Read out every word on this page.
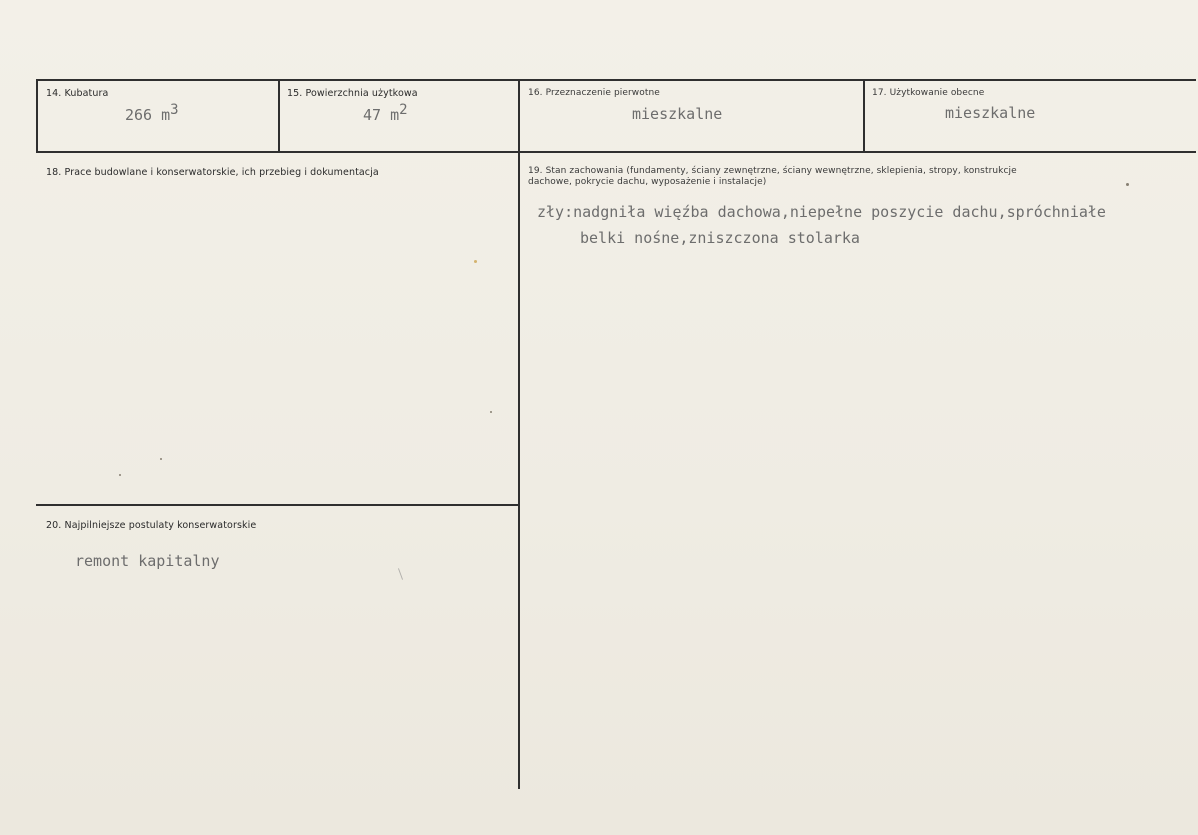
14. Kubatura
266 $m^3$
15. Powierzchnia użytkowa
47 $m^2$
16. Przeznaczenie pierwotne
mieszkalne
17. Użytkowanie obecne
mieszkalne
18. Prace budowlane i konserwatorskie, ich przebieg i dokumentacja	19. Stan zachowania (fundamenty, ściany zewnętrzne, ściany wewnętrzne, sklepienia, stropy, konstrukcje dachowe, pokrycie dachu, wyposażenie i instalacje)
zły:nadgniła więźba dachowa,niepełne poszycie dachu,spróchniałe
belki nośne,zniszczona stolarka
20. Najpilniejsze postulaty konserwatorskie
remont kapitalny
